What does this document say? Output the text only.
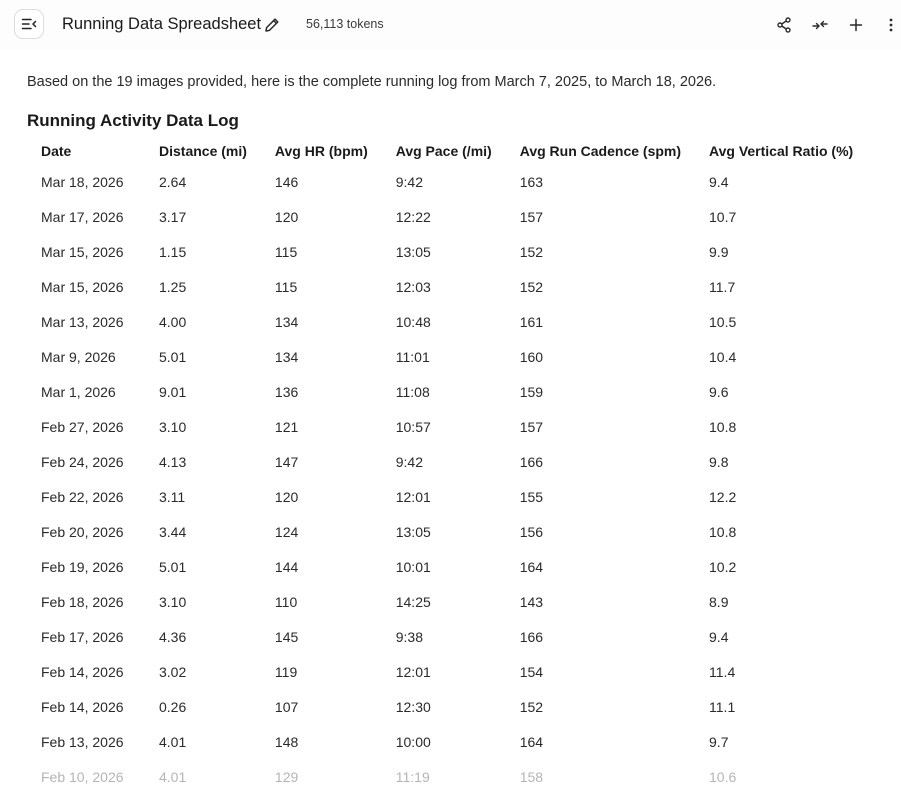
Running Data Spreadsheet	56,113 tokens
Based on the 19 images provided, here is the complete running log from March 7, 2025, to March 18, 2026.
Running Activity Data Log
Date	Distance (mi)	Avg HR (bpm)	Avg Pace (/mi)	Avg Run Cadence (spm)	Avg Vertical Ratio (%)
Mar 18, 2026	2.64	146	9:42	163	9.4
Mar 17, 2026	3.17	120	12:22	157	10.7
Mar 15, 2026	1.15	115	13:05	152	9.9
Mar 15, 2026	1.25	115	12:03	152	11.7
Mar 13, 2026	4.00	134	10:48	161	10.5
Mar 9, 2026	5.01	134	11:01	160	10.4
Mar 1, 2026	9.01	136	11:08	159	9.6
Feb 27, 2026	3.10	121	10:57	157	10.8
Feb 24, 2026	4.13	147	9:42	166	9.8
Feb 22, 2026	3.11	120	12:01	155	12.2
Feb 20, 2026	3.44	124	13:05	156	10.8
Feb 19, 2026	5.01	144	10:01	164	10.2
Feb 18, 2026	3.10	110	14:25	143	8.9
Feb 17, 2026	4.36	145	9:38	166	9.4
Feb 14, 2026	3.02	119	12:01	154	11.4
Feb 14, 2026	0.26	107	12:30	152	11.1
Feb 13, 2026	4.01	148	10:00	164	9.7
Feb 10, 2026	4.01	129	11:19	158	10.6
